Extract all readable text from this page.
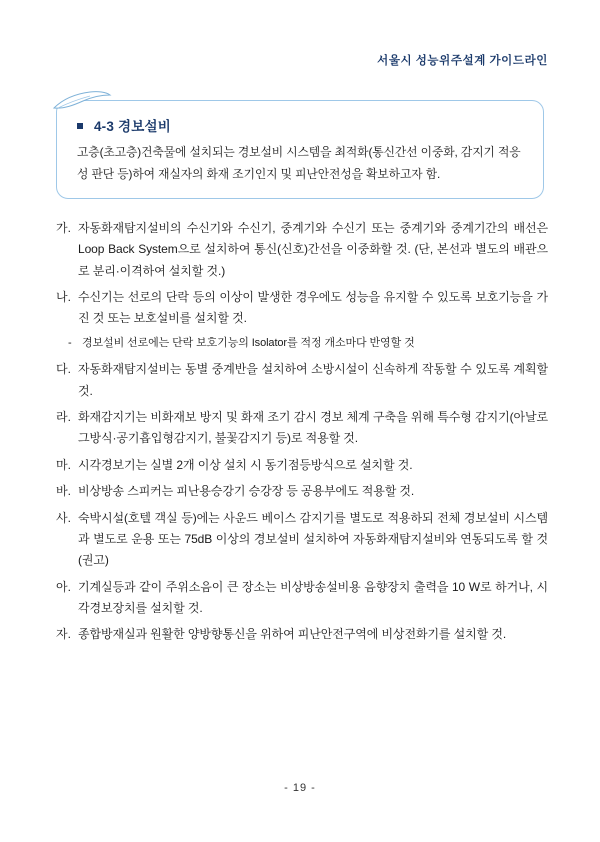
서울시 성능위주설계 가이드라인
4-3 경보설비
고층(초고층)건축물에 설치되는 경보설비 시스템을 최적화(통신간선 이중화, 감지기 적응성 판단 등)하여 재실자의 화재 조기인지 및 피난안전성을 확보하고자 함.
가. 자동화재탐지설비의 수신기와 수신기, 중계기와 수신기 또는 중계기와 중계기간의 배선은 Loop Back System으로 설치하여 통신(신호)간선을 이중화할 것. (단, 본선과 별도의 배관으로 분리·이격하여 설치할 것.)
나. 수신기는 선로의 단락 등의 이상이 발생한 경우에도 성능을 유지할 수 있도록 보호기능을 가진 것 또는 보호설비를 설치할 것.
- 경보설비 선로에는 단락 보호기능의 Isolator를 적정 개소마다 반영할 것
다. 자동화재탐지설비는 동별 중계반을 설치하여 소방시설이 신속하게 작동할 수 있도록 계획할 것.
라. 화재감지기는 비화재보 방지 및 화재 조기 감시 경보 체계 구축을 위해 특수형 감지기(아날로그방식·공기흡입형감지기, 불꽃감지기 등)로 적용할 것.
마. 시각경보기는 실별 2개 이상 설치 시 동기점등방식으로 설치할 것.
바. 비상방송 스피커는 피난용승강기 승강장 등 공용부에도 적용할 것.
사. 숙박시설(호텔 객실 등)에는 사운드 베이스 감지기를 별도로 적용하되 전체 경보설비 시스템과 별도로 운용 또는 75dB 이상의 경보설비 설치하여 자동화재탐지설비와 연동되도록 할 것 (권고)
아. 기계실등과 같이 주위소음이 큰 장소는 비상방송설비용 음향장치 출력을 10 W로 하거나, 시각경보장치를 설치할 것.
자. 종합방재실과 원활한 양방향통신을 위하여 피난안전구역에 비상전화기를 설치할 것.
- 19 -
